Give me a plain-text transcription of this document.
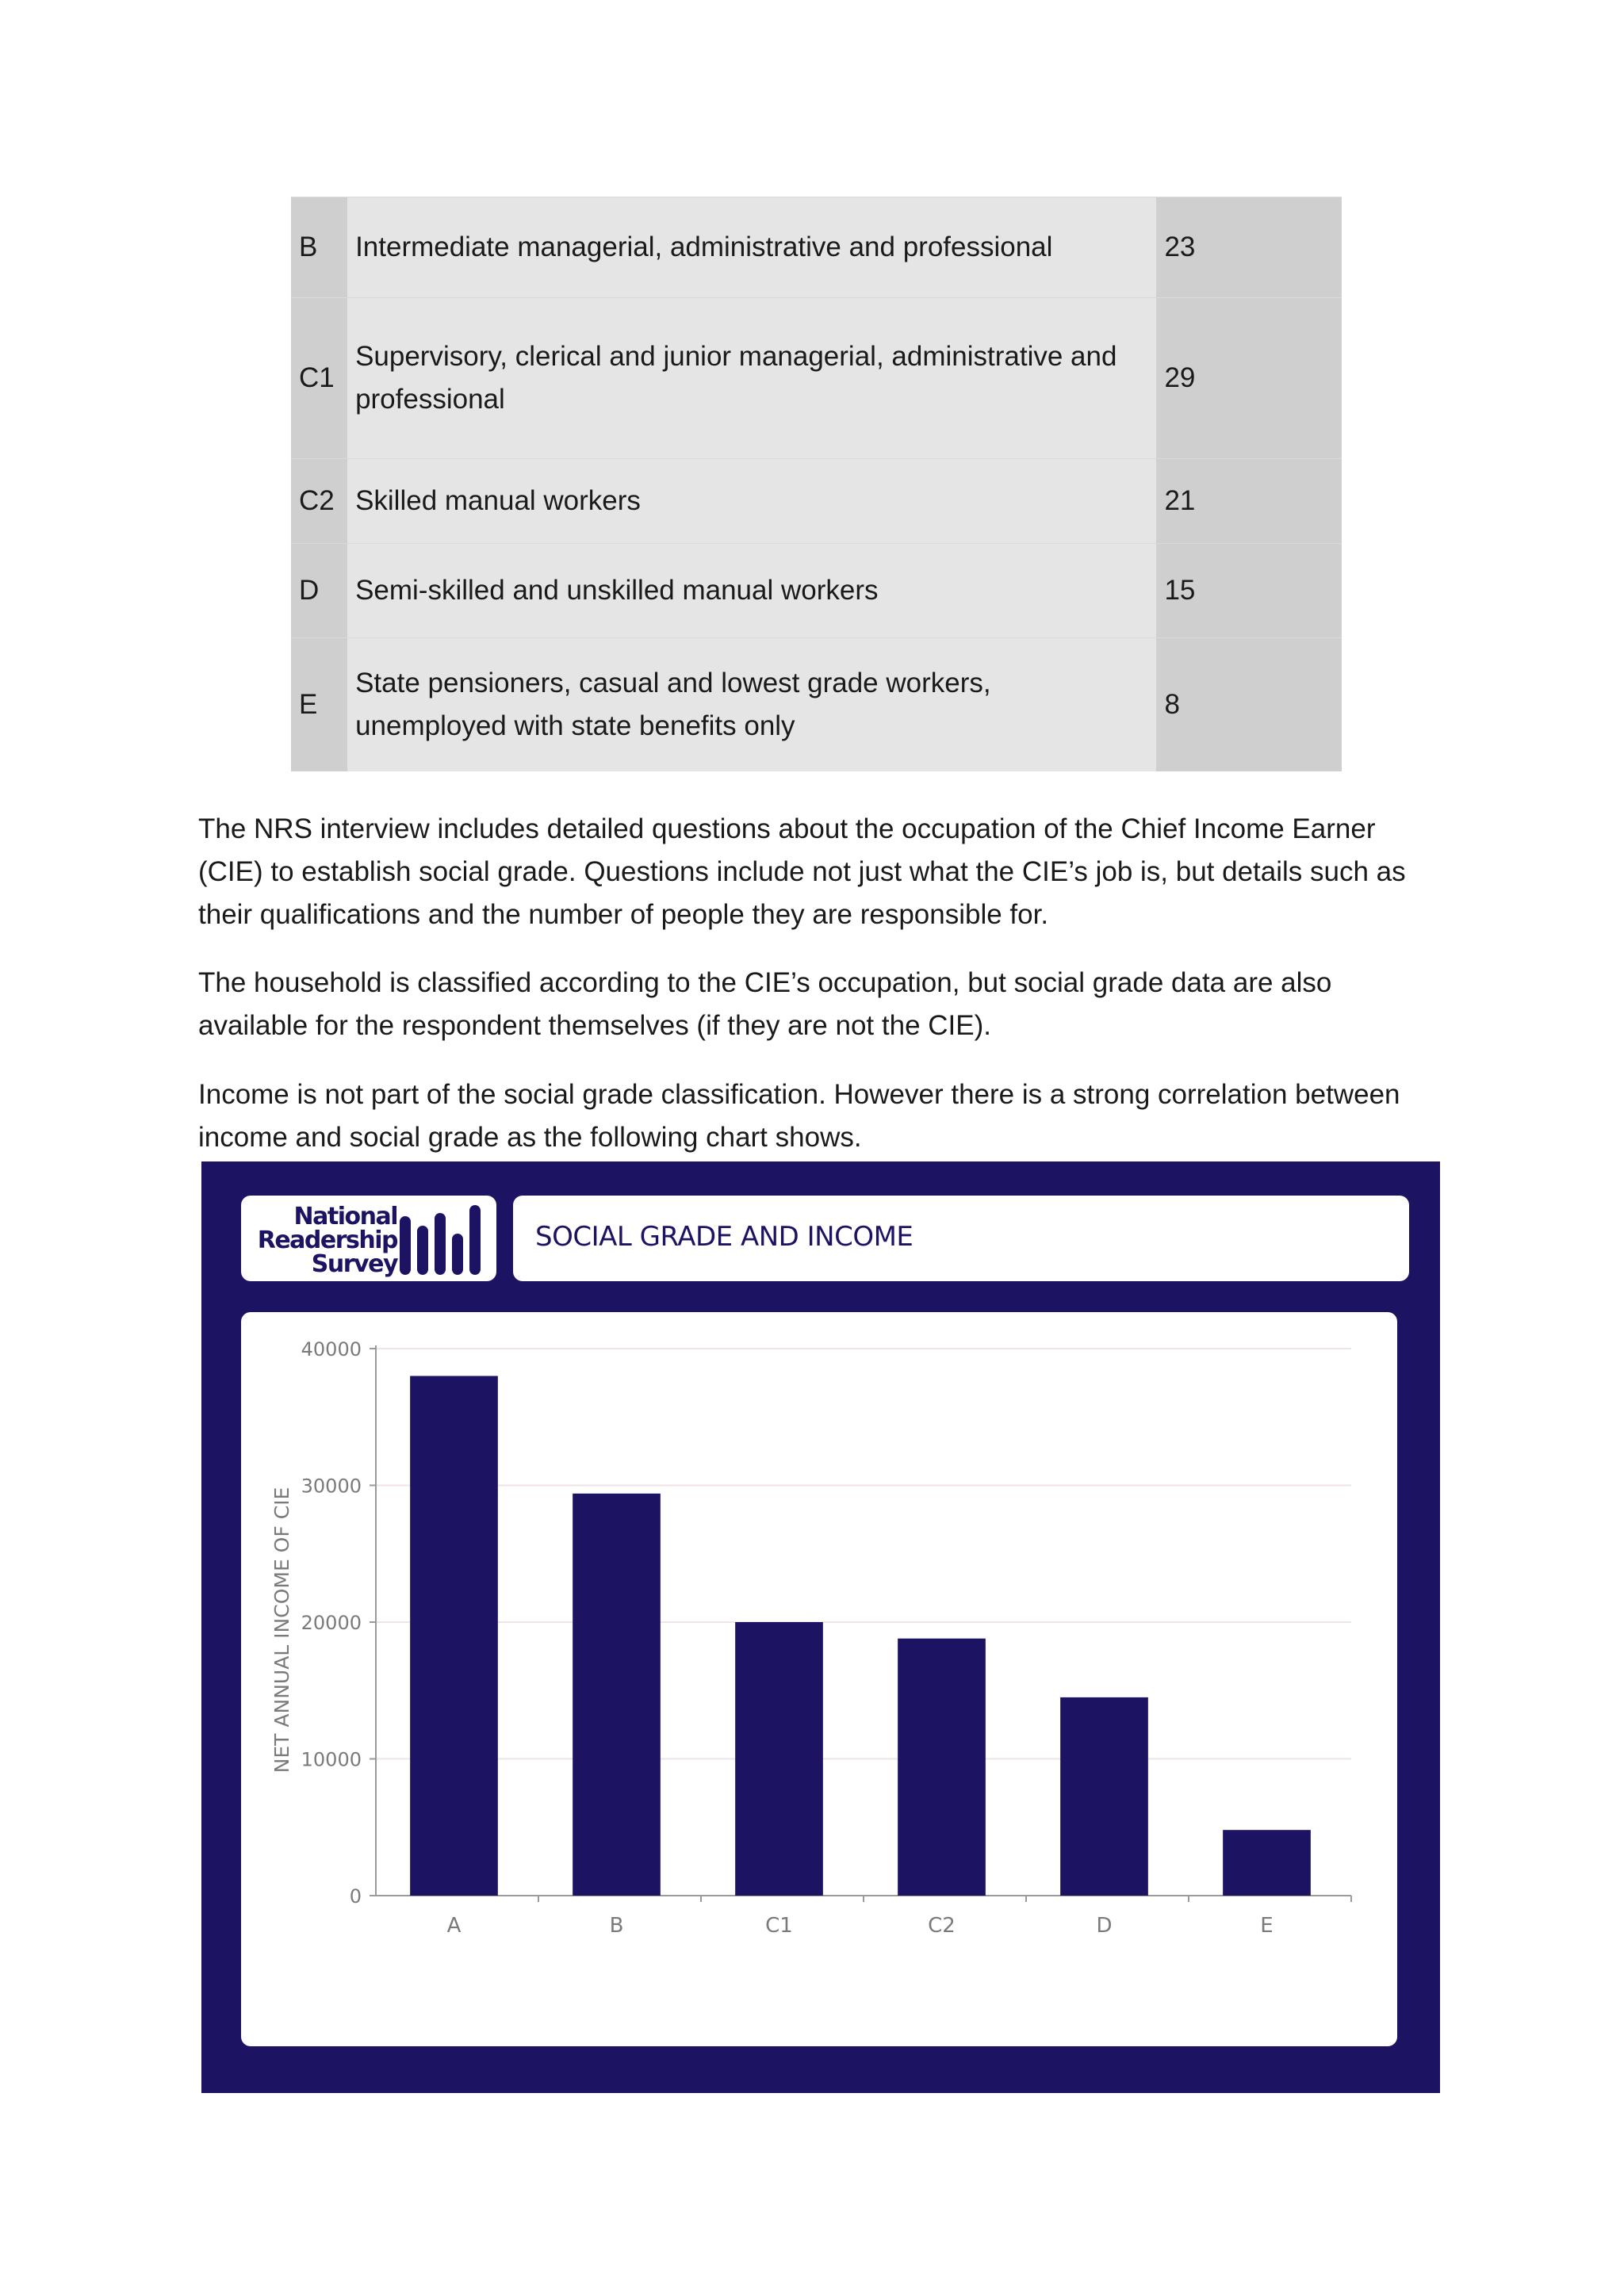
B	Intermediate managerial, administrative and professional	23
C1	Supervisory, clerical and junior managerial, administrative and professional	29
C2	Skilled manual workers	21
D	Semi-skilled and unskilled manual workers	15
E	State pensioners, casual and lowest grade workers, unemployed with state benefits only	8

The NRS interview includes detailed questions about the occupation of the Chief Income Earner (CIE) to establish social grade. Questions include not just what the CIE’s job is, but details such as their qualifications and the number of people they are responsible for.

The household is classified according to the CIE’s occupation, but social grade data are also available for the respondent themselves (if they are not the CIE).

Income is not part of the social grade classification. However there is a strong correlation between income and social grade as the following chart shows.

National
Readership
Survey
SOCIAL GRADE AND INCOME
0
10000
20000
30000
40000
A	B	C1	C2	D	E
NET ANNUAL INCOME OF CIE
